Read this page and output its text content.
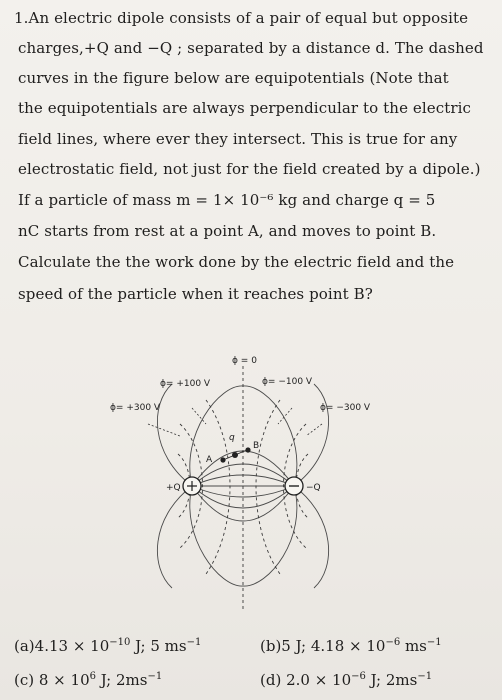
1.An electric dipole consists of a pair of equal but opposite
charges,+Q and −Q ; separated by a distance d. The dashed
curves in the figure below are equipotentials (Note that
the equipotentials are always perpendicular to the electric
field lines, where ever they intersect. This is true for any
electrostatic field, not just for the field created by a dipole.)
If a particle of mass m = 1× 10⁻⁶ kg and charge q = 5
nC starts from rest at a point A, and moves to point B.
Calculate the the work done by the electric field and the
speed of the particle when it reaches point B?
ϕ = 0
ϕ= +100 V	ϕ= −100 V
ϕ= +300 V	ϕ= −300 V
+Q	−Q
A
B
q
$(a)4.13 \times 10^{-10}$ J; 5 $ms^{-1}$	(b)5 J; $4.18 \times 10^{-6}$ $ms^{-1}$
(c) $8 \times 10^6$ J; $2ms^{-1}$	(d) $2.0 \times 10^{-6}$ J; $2ms^{-1}$
